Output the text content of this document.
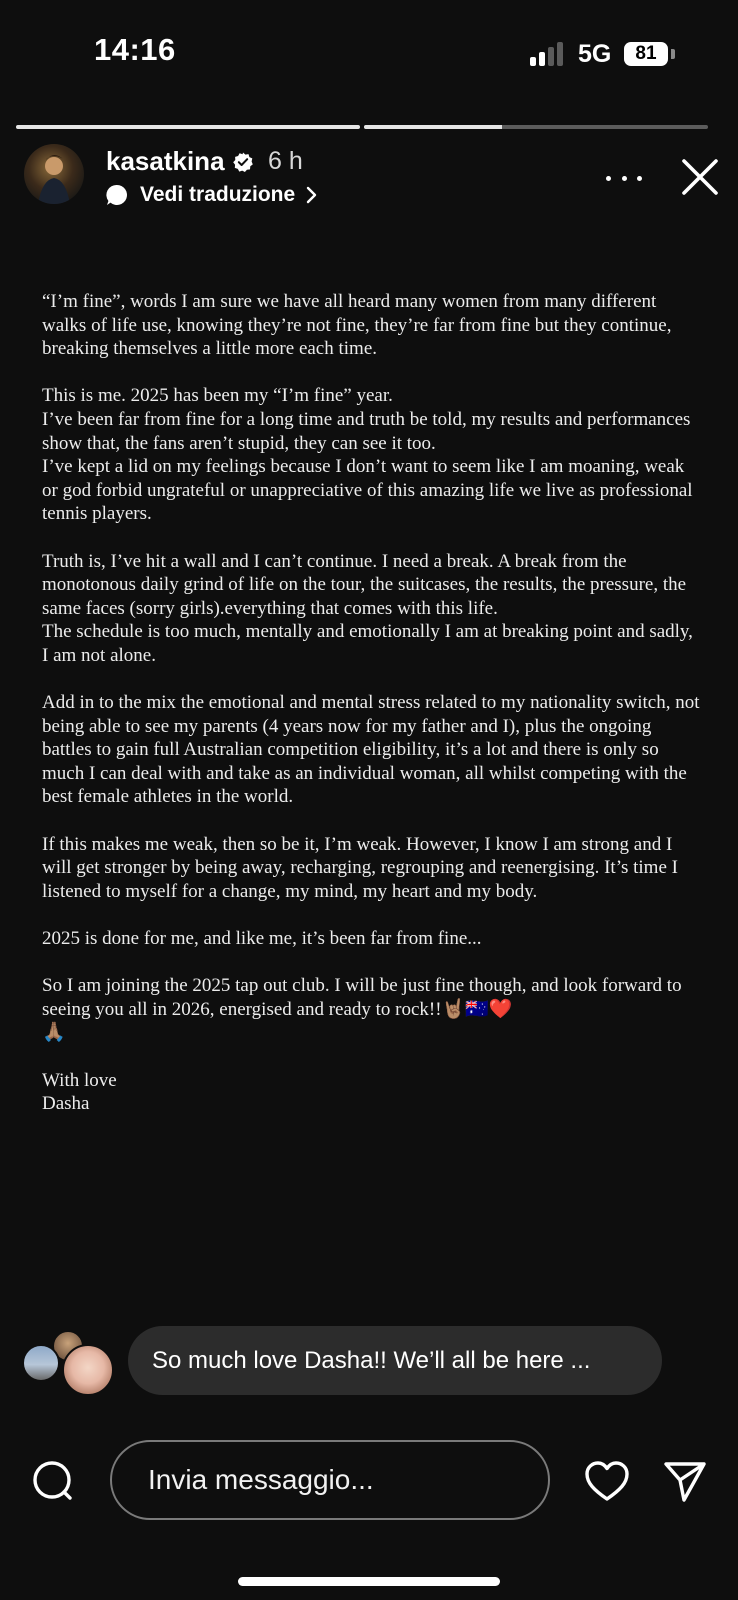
14:16	5G	81
kasatkina 6 h
Vedi traduzione

“I’m fine”, words I am sure we have all heard many women from many different walks of life use, knowing they’re not fine, they’re far from fine but they continue, breaking themselves a little more each time.

This is me. 2025 has been my “I’m fine” year.
I’ve been far from fine for a long time and truth be told, my results and performances show that, the fans aren’t stupid, they can see it too.
I’ve kept a lid on my feelings because I don’t want to seem like I am moaning, weak or god forbid ungrateful or unappreciative of this amazing life we live as professional tennis players.

Truth is, I’ve hit a wall and I can’t continue. I need a break. A break from the monotonous daily grind of life on the tour, the suitcases, the results, the pressure, the same faces (sorry girls).everything that comes with this life.
The schedule is too much, mentally and emotionally I am at breaking point and sadly, I am not alone.

Add in to the mix the emotional and mental stress related to my nationality switch, not being able to see my parents (4 years now for my father and I), plus the ongoing battles to gain full Australian competition eligibility, it’s a lot and there is only so much I can deal with and take as an individual woman, all whilst competing with the best female athletes in the world.

If this makes me weak, then so be it, I’m weak. However, I know I am strong and I will get stronger by being away, recharging, regrouping and reenergising. It’s time I listened to myself for a change, my mind, my heart and my body.

2025 is done for me, and like me, it’s been far from fine...

So I am joining the 2025 tap out club. I will be just fine though, and look forward to seeing you all in 2026, energised and ready to rock!!🤘🏽🇦🇺❤️
🙏🏽

With love
Dasha

So much love Dasha!! We’ll all be here ...
Invia messaggio...
